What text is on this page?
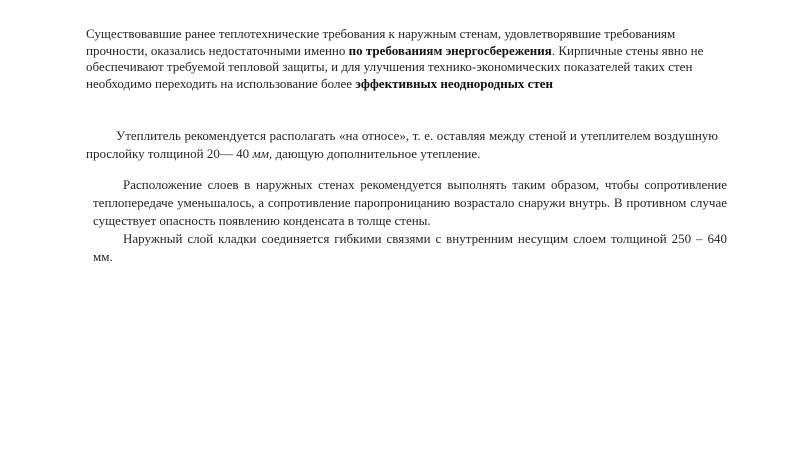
Существовавшие ранее теплотехнические требования к наружным стенам, удовлетворявшие требованиям прочности, оказались недостаточными именно по требованиям энергосбережения. Кирпичные стены явно не обеспечивают требуемой тепловой защиты, и для улучшения технико-экономических показателей таких стен необходимо переходить на использование более эффективных неоднородных стен

Утеплитель рекомендуется располагать «на относе», т. е. оставляя между стеной и утеплителем воздушную прослойку толщиной 20— 40 мм, дающую дополнительное утепление.

Расположение слоев в наружных стенах рекомендуется выполнять таким образом, чтобы сопротивление теплопередаче уменьшалось, а сопротивление паропроницанию возрастало снаружи внутрь. В противном случае существует опасность появлению конденсата в толще стены.

Наружный слой кладки соединяется гибкими связями с внутренним несущим слоем толщиной 250 – 640 мм.
